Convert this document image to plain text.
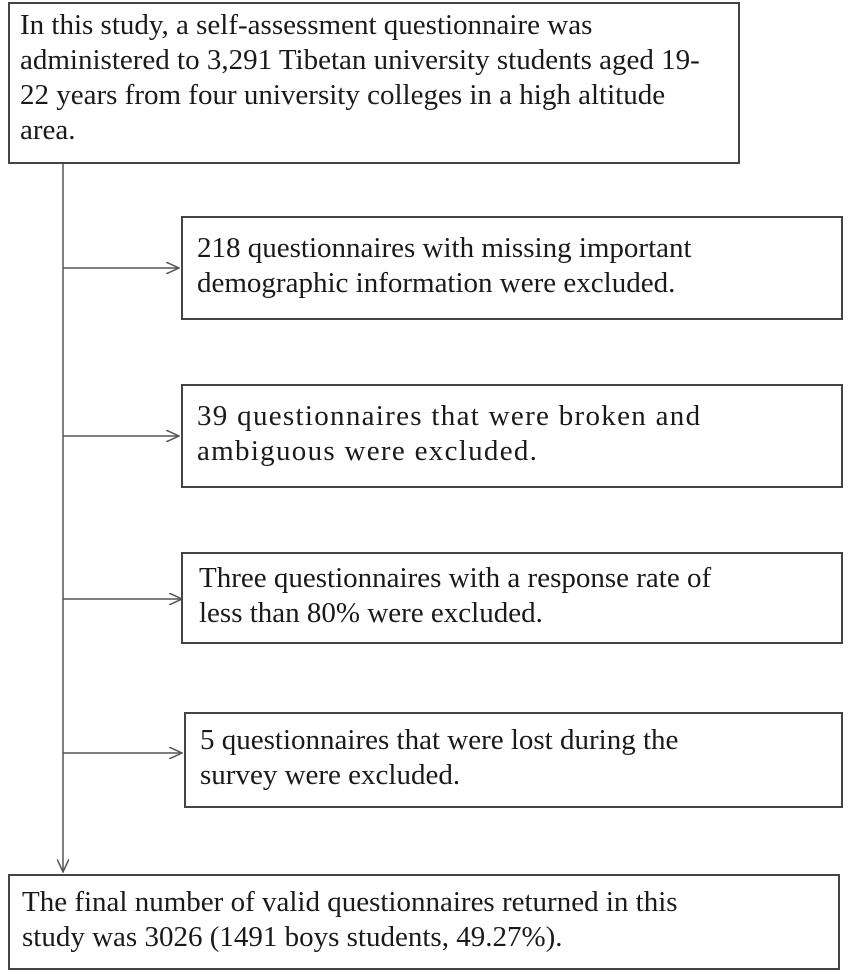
In this study, a self-assessment questionnaire was
administered to 3,291 Tibetan university students aged 19-
22 years from four university colleges in a high altitude
area.
218 questionnaires with missing important
demographic information were excluded.
39 questionnaires that were broken and
ambiguous were excluded.
Three questionnaires with a response rate of
less than 80% were excluded.
5 questionnaires that were lost during the
survey were excluded.
The final number of valid questionnaires returned in this
study was 3026 (1491 boys students, 49.27%).
